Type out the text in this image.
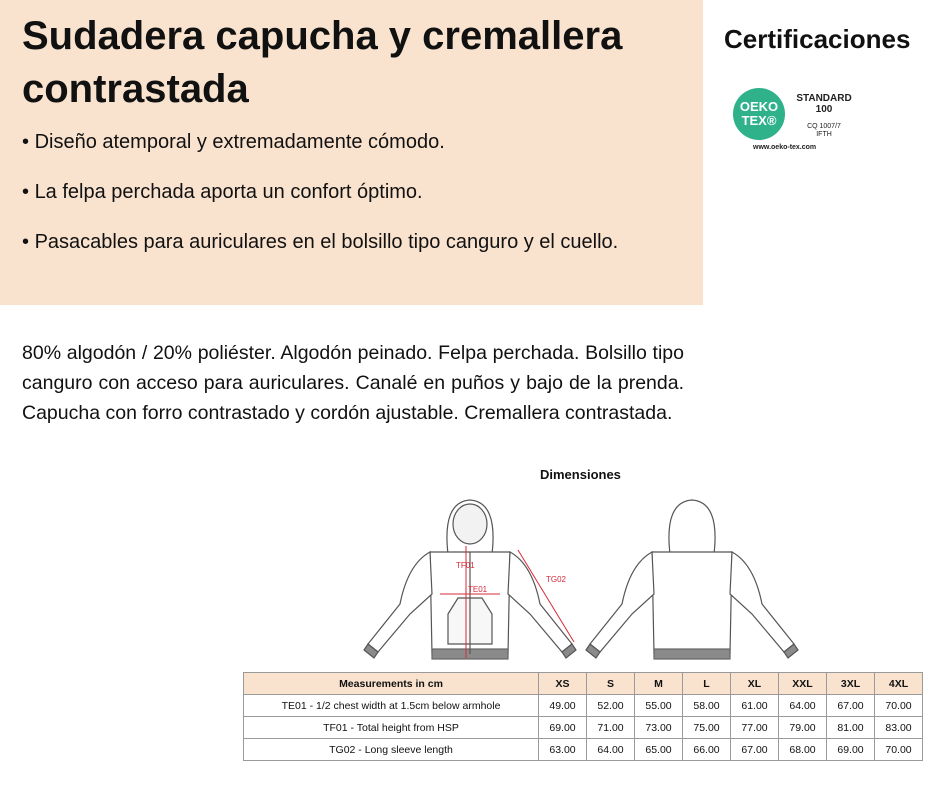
Sudadera capucha y cremallera contrastada
• Diseño atemporal y extremadamente cómodo.
• La felpa perchada aporta un confort óptimo.
• Pasacables para auriculares en el bolsillo tipo canguro y el cuello.
Certificaciones
OEKO
TEX®
STANDARD
100
CQ 1007/7
IFTH
www.oeko-tex.com

80% algodón / 20% poliéster. Algodón peinado. Felpa perchada. Bolsillo tipo canguro con acceso para auriculares. Canalé en puños y bajo de la prenda. Capucha con forro contrastado y cordón ajustable. Cremallera contrastada.

Dimensiones
TF01
TE01
TG02
Measurements in cm	XS	S	M	L	XL	XXL	3XL	4XL
TE01 - 1/2 chest width at 1.5cm below armhole	49.00	52.00	55.00	58.00	61.00	64.00	67.00	70.00
TF01 - Total height from HSP	69.00	71.00	73.00	75.00	77.00	79.00	81.00	83.00
TG02 - Long sleeve length	63.00	64.00	65.00	66.00	67.00	68.00	69.00	70.00
